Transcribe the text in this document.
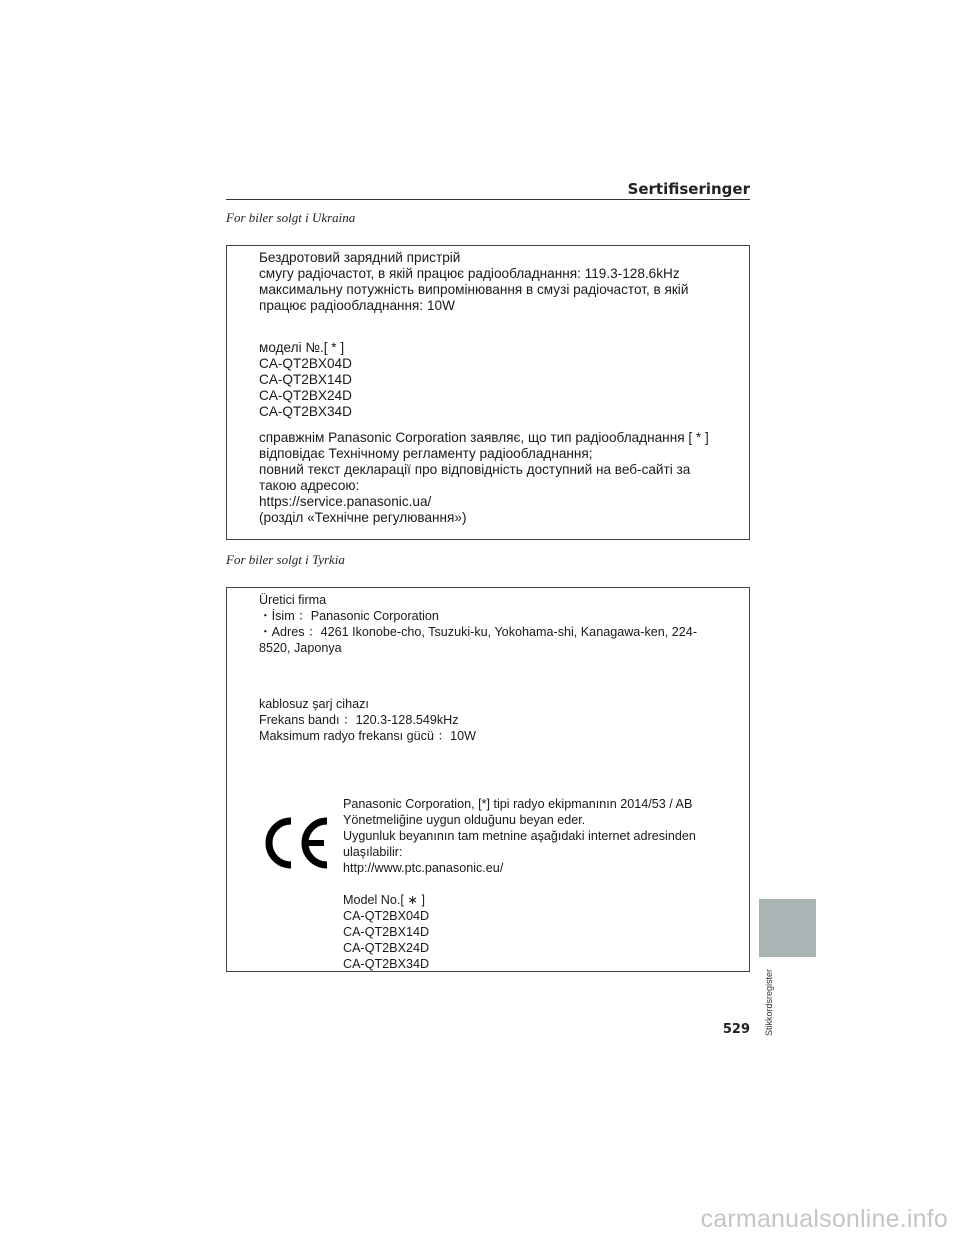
Sertifiseringer
For biler solgt i Ukraina
Бездротовий зарядний пристрій
смугу радіочастот, в якій працює радіообладнання: 119.3-128.6kHz
максимальну потужність випромінювання в смузі радіочастот, в якій
працює радіообладнання: 10W
моделі №.[ * ]
CA-QT2BX04D
CA-QT2BX14D
CA-QT2BX24D
CA-QT2BX34D
справжнім Panasonic Corporation заявляє, що тип радіообладнання [ * ]
відповідає Технічному регламенту радіообладнання;
повний текст декларації про відповідність доступний на веб-сайті за
такою адресою:
https://service.panasonic.ua/
(розділ «Технічне регулювання»)
For biler solgt i Tyrkia
Üretici firma
・İsim ：Panasonic Corporation
・Adres ：4261 Ikonobe-cho, Tsuzuki-ku, Yokohama-shi, Kanagawa-ken, 224-
8520, Japonya
kablosuz şarj cihazı
Frekans bandı ：120.3-128.549kHz
Maksimum radyo frekansı gücü ：10W
Panasonic Corporation, [*] tipi radyo ekipmanının 2014/53 / AB
Yönetmeliğine uygun olduğunu beyan eder.
Uygunluk beyanının tam metnine aşağıdaki internet adresinden
ulaşılabilir:
http://www.ptc.panasonic.eu/
Model No.[ ∗ ]
CA-QT2BX04D
CA-QT2BX14D
CA-QT2BX24D
CA-QT2BX34D
Stikkordsregister
529
carmanualsonline.info
